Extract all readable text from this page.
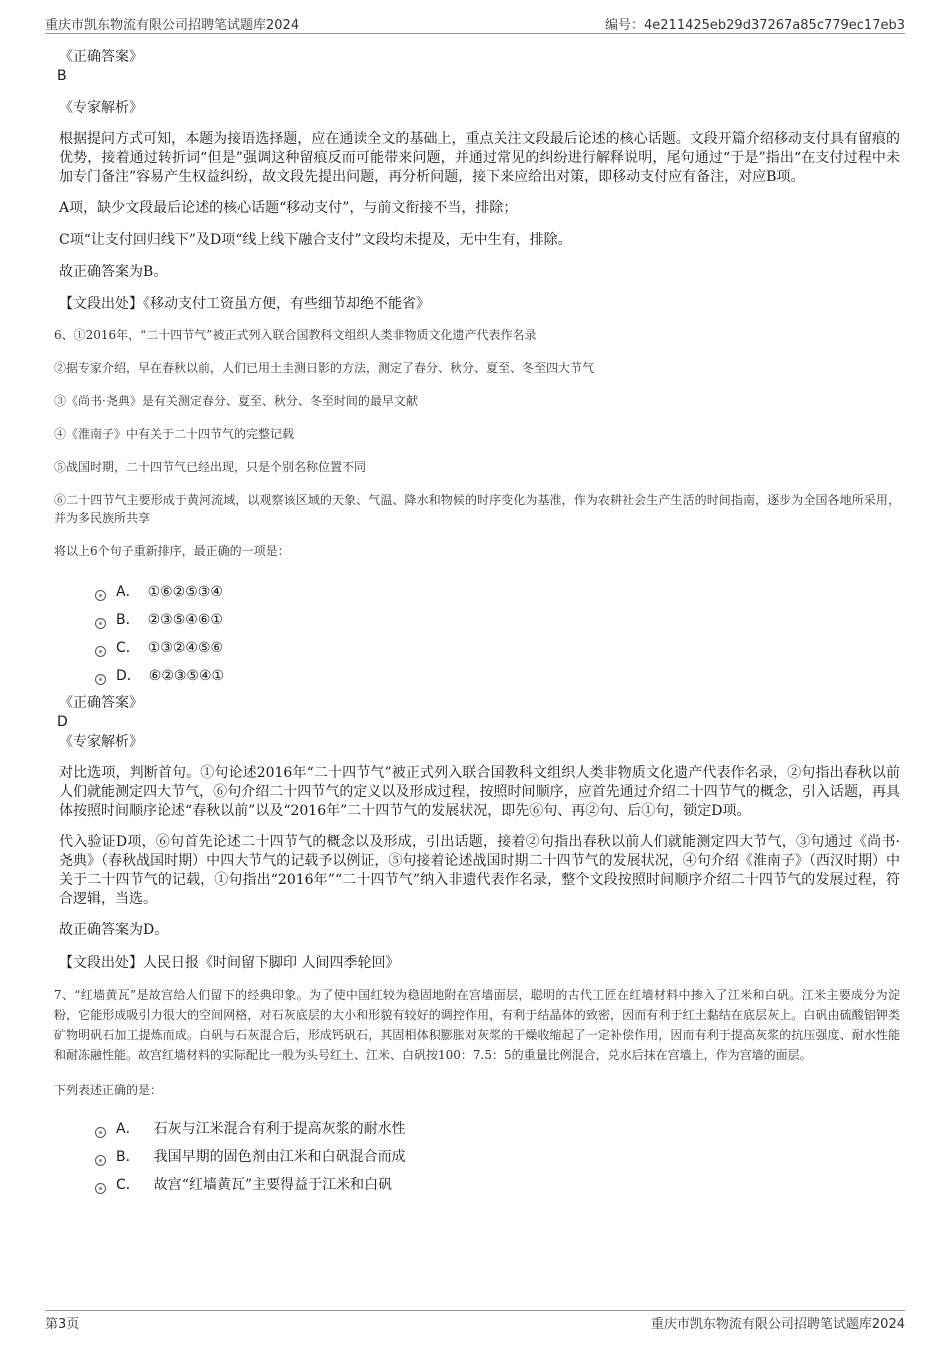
重庆市凯东物流有限公司招聘笔试题库2024	编号：4e211425eb29d37267a85c779ec17eb3
《正确答案》
B
《专家解析》
根据提问方式可知，本题为接语选择题，应在通读全文的基础上，重点关注文段最后论述的核心话题。文段开篇介绍移动支付具有留痕的优势，接着通过转折词“但是”强调这种留痕反而可能带来问题，并通过常见的纠纷进行解释说明，尾句通过“于是”指出“在支付过程中未加专门备注”容易产生权益纠纷，故文段先提出问题，再分析问题，接下来应给出对策，即移动支付应有备注，对应B项。
A项，缺少文段最后论述的核心话题“移动支付”，与前文衔接不当，排除；
C项“让支付回归线下”及D项“线上线下融合支付”文段均未提及，无中生有，排除。
故正确答案为B。
【文段出处】《移动支付工资虽方便，有些细节却绝不能省》
6、①2016年，“二十四节气”被正式列入联合国教科文组织人类非物质文化遗产代表作名录
②据专家介绍，早在春秋以前，人们已用土圭测日影的方法，测定了春分、秋分、夏至、冬至四大节气
③《尚书·尧典》是有关测定春分、夏至、秋分、冬至时间的最早文献
④《淮南子》中有关于二十四节气的完整记载
⑤战国时期，二十四节气已经出现，只是个别名称位置不同
⑥二十四节气主要形成于黄河流域，以观察该区域的天象、气温、降水和物候的时序变化为基准，作为农耕社会生产生活的时间指南，逐步为全国各地所采用，并为多民族所共享
将以上6个句子重新排序，最正确的一项是：
A． ①⑥②⑤③④
B． ②③⑤④⑥①
C． ①③②④⑤⑥
D． ⑥②③⑤④①
《正确答案》
D
《专家解析》
对比选项，判断首句。①句论述2016年“二十四节气”被正式列入联合国教科文组织人类非物质文化遗产代表作名录，②句指出春秋以前人们就能测定四大节气，⑥句介绍二十四节气的定义以及形成过程，按照时间顺序，应首先通过介绍二十四节气的概念，引入话题，再具体按照时间顺序论述“春秋以前”以及“2016年”二十四节气的发展状况，即先⑥句、再②句、后①句，锁定D项。
代入验证D项，⑥句首先论述二十四节气的概念以及形成，引出话题，接着②句指出春秋以前人们就能测定四大节气，③句通过《尚书·尧典》（春秋战国时期）中四大节气的记载予以例证，⑤句接着论述战国时期二十四节气的发展状况，④句介绍《淮南子》（西汉时期）中关于二十四节气的记载，①句指出“2016年”“二十四节气”纳入非遗代表作名录，整个文段按照时间顺序介绍二十四节气的发展过程，符合逻辑，当选。
故正确答案为D。
【文段出处】人民日报《时间留下脚印 人间四季轮回》
7、“红墙黄瓦”是故宫给人们留下的经典印象。为了使中国红较为稳固地附在宫墙面层，聪明的古代工匠在红墙材料中掺入了江米和白矾。江米主要成分为淀粉，它能形成吸引力很大的空间网格，对石灰底层的大小和形貌有较好的调控作用，有利于结晶体的致密，因而有利于红土黏结在底层灰上。白矾由硫酸铝钾类矿物明矾石加工提炼而成。白矾与石灰混合后，形成钙矾石，其固相体积膨胀对灰浆的干燥收缩起了一定补偿作用，因而有利于提高灰浆的抗压强度、耐水性能和耐冻融性能。故宫红墙材料的实际配比一般为头号红土、江米、白矾按100：7.5：5的重量比例混合，兑水后抹在宫墙上，作为宫墙的面层。
下列表述正确的是：
A． 石灰与江米混合有利于提高灰浆的耐水性
B． 我国早期的固色剂由江米和白矾混合而成
C． 故宫“红墙黄瓦”主要得益于江米和白矾
第3页	重庆市凯东物流有限公司招聘笔试题库2024
